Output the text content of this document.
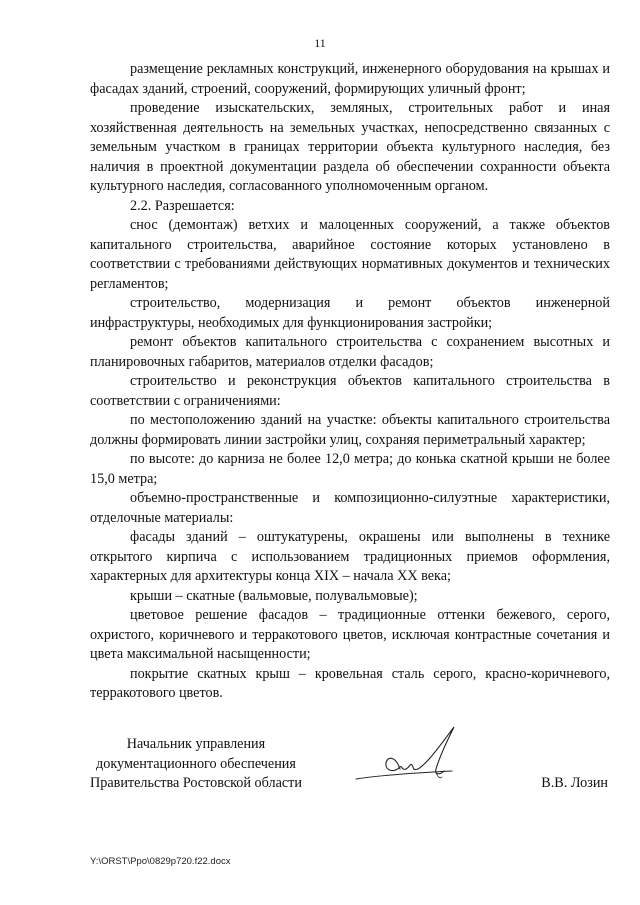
11

размещение рекламных конструкций, инженерного оборудования на крышах и фасадах зданий, строений, сооружений, формирующих уличный фронт;

проведение изыскательских, земляных, строительных работ и иная хозяйственная деятельность на земельных участках, непосредственно связанных с земельным участком в границах территории объекта культурного наследия, без наличия в проектной документации раздела об обеспечении сохранности объекта культурного наследия, согласованного уполномоченным органом.

2.2. Разрешается:

снос (демонтаж) ветхих и малоценных сооружений, а также объектов капитального строительства, аварийное состояние которых установлено в соответствии с требованиями действующих нормативных документов и технических регламентов;

строительство, модернизация и ремонт объектов инженерной инфраструктуры, необходимых для функционирования застройки;

ремонт объектов капитального строительства с сохранением высотных и планировочных габаритов, материалов отделки фасадов;

строительство и реконструкция объектов капитального строительства в соответствии с ограничениями:

по местоположению зданий на участке: объекты капитального строительства должны формировать линии застройки улиц, сохраняя периметральный характер;

по высоте: до карниза не более 12,0 метра; до конька скатной крыши не более 15,0 метра;

объемно-пространственные и композиционно-силуэтные характеристики, отделочные материалы:

фасады зданий – оштукатурены, окрашены или выполнены в технике открытого кирпича с использованием традиционных приемов оформления, характерных для архитектуры конца XIX – начала XX века;

крыши – скатные (вальмовые, полувальмовые);

цветовое решение фасадов – традиционные оттенки бежевого, серого, охристого, коричневого и терракотового цветов, исключая контрастные сочетания и цвета максимальной насыщенности;

покрытие скатных крыш – кровельная сталь серого, красно-коричневого, терракотового цветов.

Начальник управления
документационного обеспечения
Правительства Ростовской области	В.В. Лозин
Y:\ORST\Ppo\0829p720.f22.docx
